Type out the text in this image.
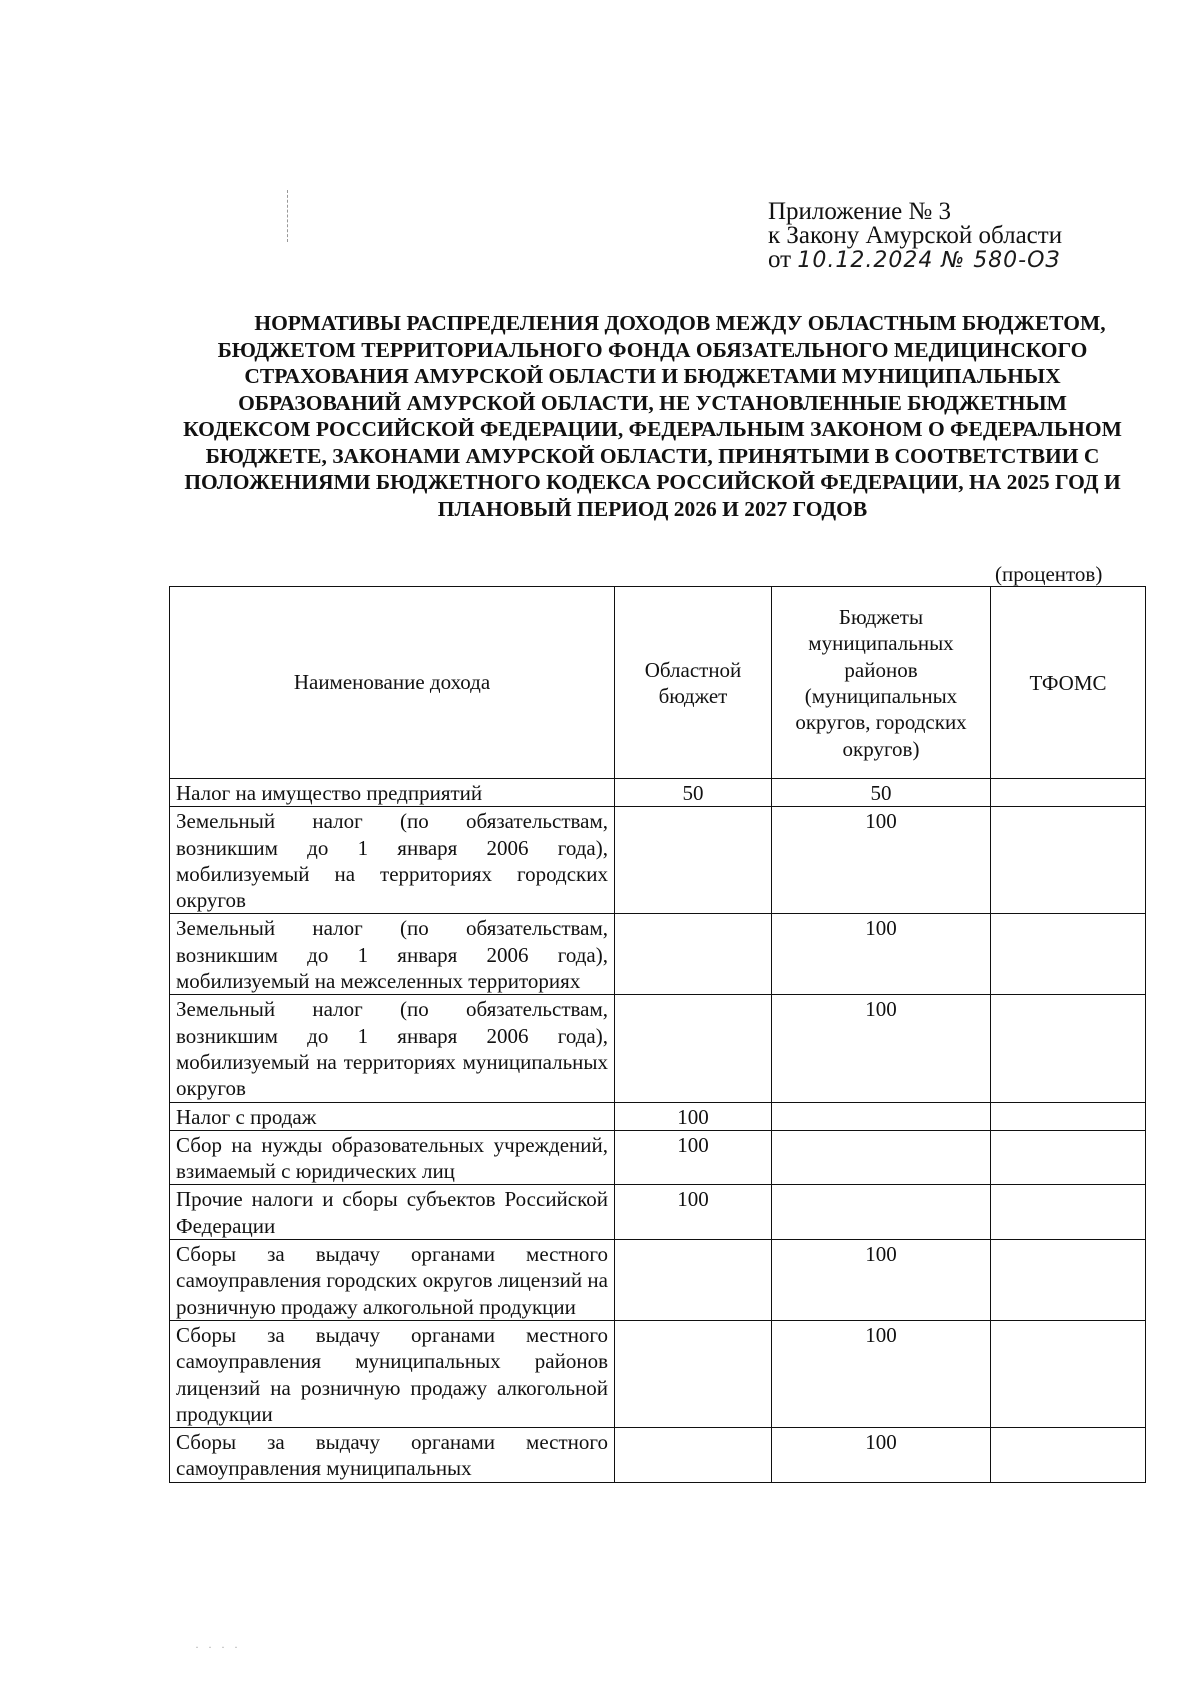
Приложение № 3
к Закону Амурской области
от 10.12.2024 № 580-ОЗ
НОРМАТИВЫ РАСПРЕДЕЛЕНИЯ ДОХОДОВ МЕЖДУ ОБЛАСТНЫМ БЮДЖЕТОМ, БЮДЖЕТОМ ТЕРРИТОРИАЛЬНОГО ФОНДА ОБЯЗАТЕЛЬНОГО МЕДИЦИНСКОГО СТРАХОВАНИЯ АМУРСКОЙ ОБЛАСТИ И БЮДЖЕТАМИ МУНИЦИПАЛЬНЫХ ОБРАЗОВАНИЙ АМУРСКОЙ ОБЛАСТИ, НЕ УСТАНОВЛЕННЫЕ БЮДЖЕТНЫМ КОДЕКСОМ РОССИЙСКОЙ ФЕДЕРАЦИИ, ФЕДЕРАЛЬНЫМ ЗАКОНОМ О ФЕДЕРАЛЬНОМ БЮДЖЕТЕ, ЗАКОНАМИ АМУРСКОЙ ОБЛАСТИ, ПРИНЯТЫМИ В СООТВЕТСТВИИ С ПОЛОЖЕНИЯМИ БЮДЖЕТНОГО КОДЕКСА РОССИЙСКОЙ ФЕДЕРАЦИИ, НА 2025 ГОД И ПЛАНОВЫЙ ПЕРИОД 2026 И 2027 ГОДОВ
(процентов)
Наименование дохода	Областной бюджет	Бюджеты муниципальных районов (муниципальных округов, городских округов)	ТФОМС
Налог на имущество предприятий	50	50	
Земельный налог (по обязательствам, возникшим до 1 января 2006 года), мобилизуемый на территориях городских округов		100	
Земельный налог (по обязательствам, возникшим до 1 января 2006 года), мобилизуемый на межселенных территориях		100	
Земельный налог (по обязательствам, возникшим до 1 января 2006 года), мобилизуемый на территориях муниципальных округов		100	
Налог с продаж	100		
Сбор на нужды образовательных учреждений, взимаемый с юридических лиц	100		
Прочие налоги и сборы субъектов Российской Федерации	100		
Сборы за выдачу органами местного самоуправления городских округов лицензий на розничную продажу алкогольной продукции		100	
Сборы за выдачу органами местного самоуправления муниципальных районов лицензий на розничную продажу алкогольной продукции		100	
Сборы за выдачу органами местного самоуправления муниципальных		100	
· · · ·
